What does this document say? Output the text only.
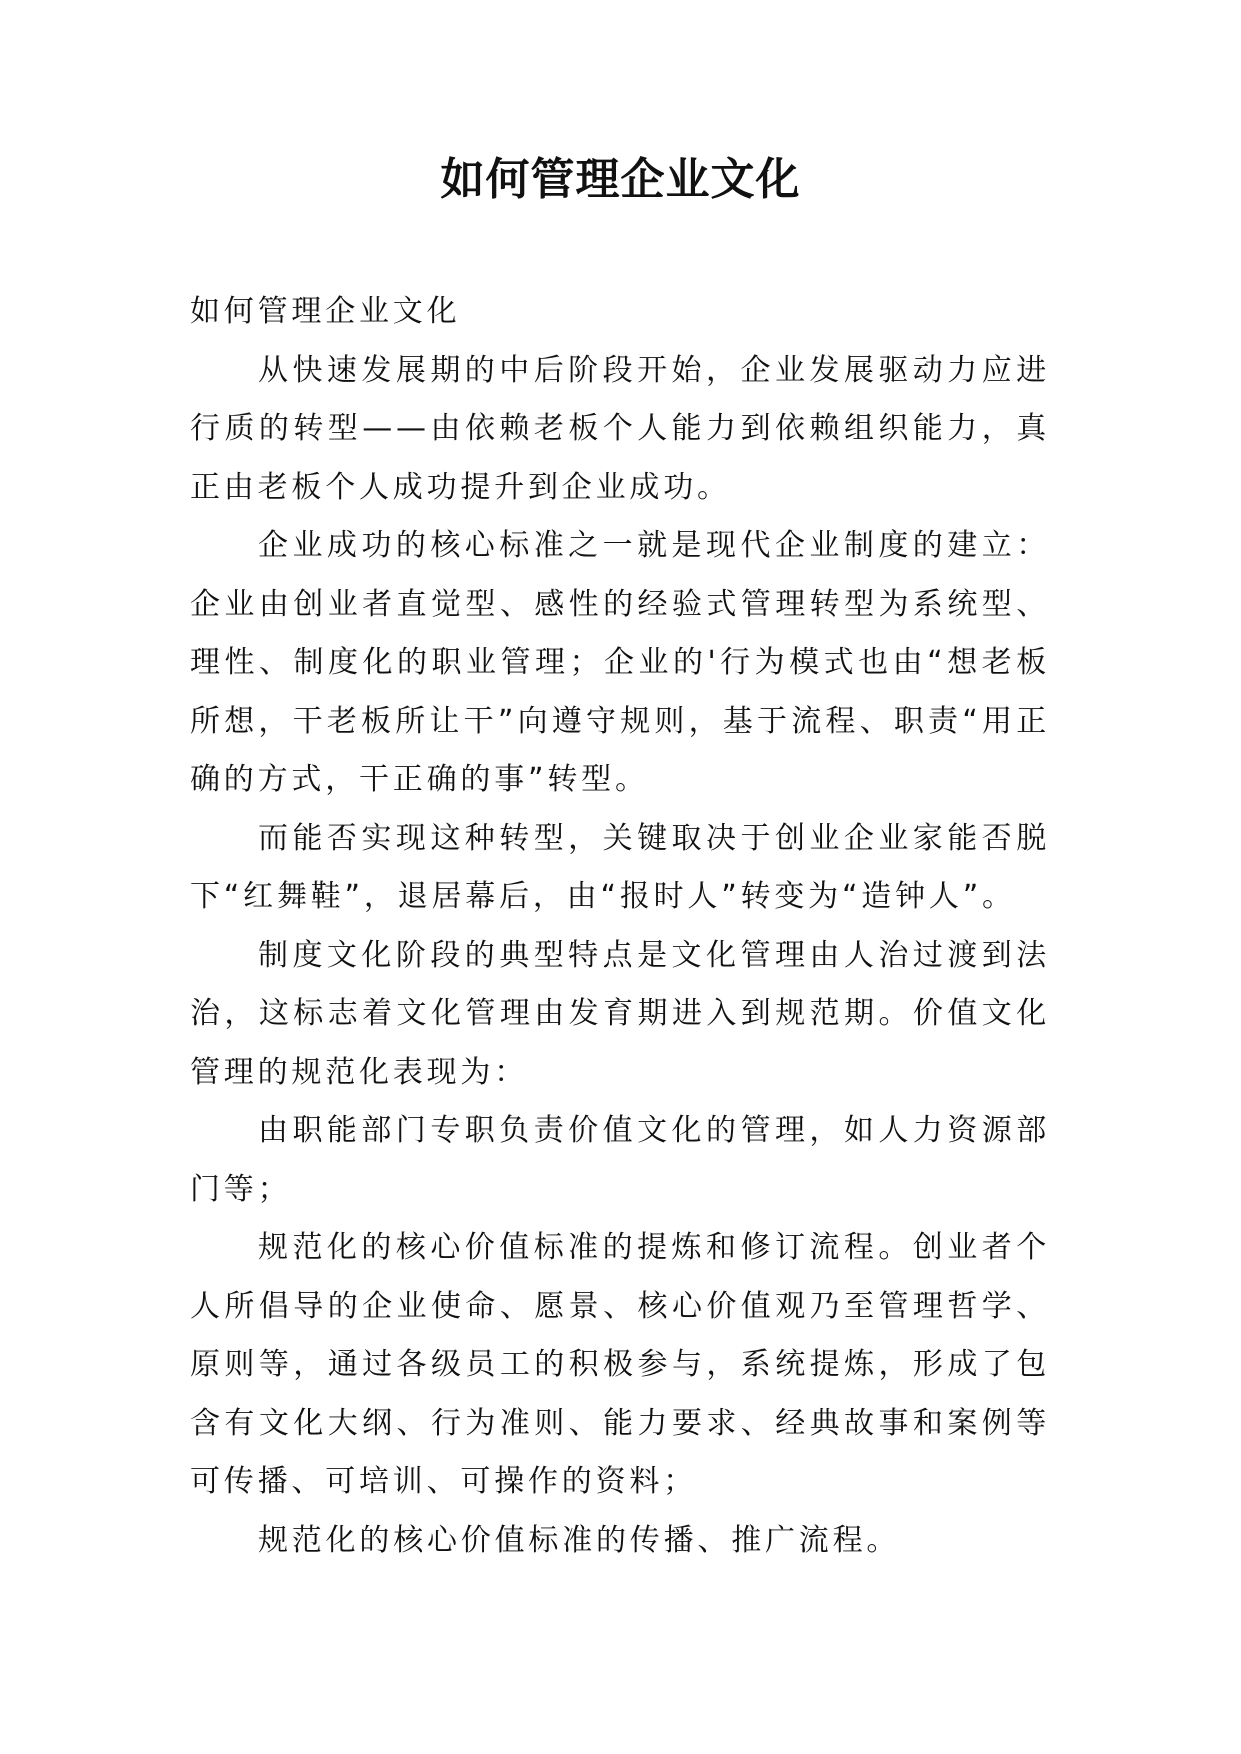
如何管理企业文化

如何管理企业文化

从快速发展期的中后阶段开始，企业发展驱动力应进行质的转型——由依赖老板个人能力到依赖组织能力，真正由老板个人成功提升到企业成功。

企业成功的核心标准之一就是现代企业制度的建立：企业由创业者直觉型、感性的经验式管理转型为系统型、理性、制度化的职业管理；企业的'行为模式也由“想老板所想，干老板所让干”向遵守规则，基于流程、职责“用正确的方式，干正确的事”转型。

而能否实现这种转型，关键取决于创业企业家能否脱下“红舞鞋”，退居幕后，由“报时人”转变为“造钟人”。

制度文化阶段的典型特点是文化管理由人治过渡到法治，这标志着文化管理由发育期进入到规范期。价值文化管理的规范化表现为：

由职能部门专职负责价值文化的管理，如人力资源部门等；

规范化的核心价值标准的提炼和修订流程。创业者个人所倡导的企业使命、愿景、核心价值观乃至管理哲学、原则等，通过各级员工的积极参与，系统提炼，形成了包含有文化大纲、行为准则、能力要求、经典故事和案例等可传播、可培训、可操作的资料；

规范化的核心价值标准的传播、推广流程。
